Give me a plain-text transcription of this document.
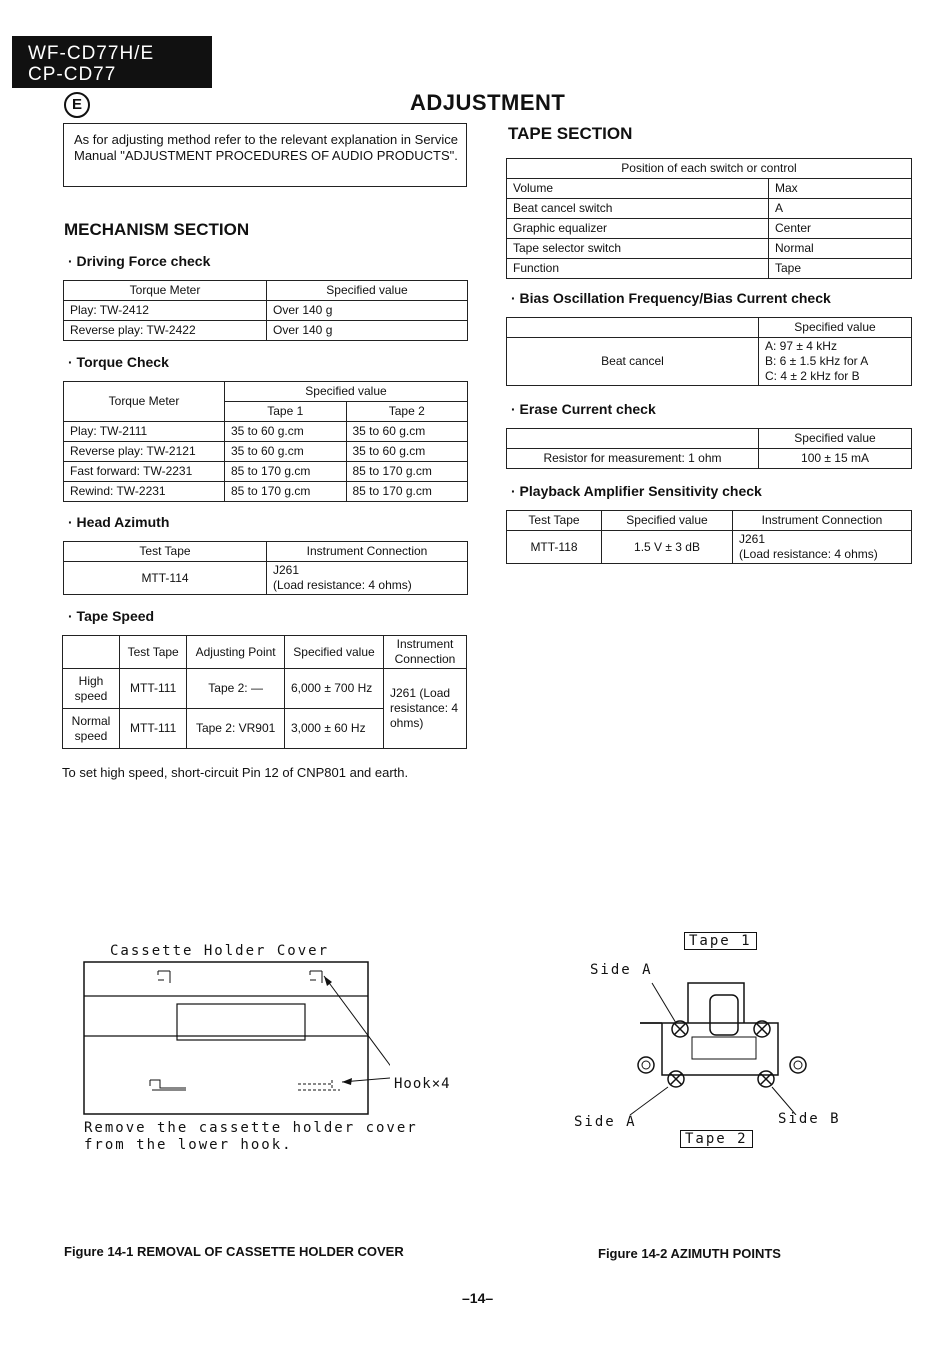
WF-CD77H/E
CP-CD77
E	ADJUSTMENT
As for adjusting method refer to the relevant explanation in Service Manual "ADJUSTMENT PROCEDURES OF AUDIO PRODUCTS".
MECHANISM SECTION
· Driving Force check
Torque Meter	Specified value
Play: TW-2412	Over 140 g
Reverse play: TW-2422	Over 140 g
· Torque Check
Torque Meter	Specified value	
	Tape 1	Tape 2
Play: TW-2111	35 to 60 g.cm	35 to 60 g.cm
Reverse play: TW-2121	35 to 60 g.cm	35 to 60 g.cm
Fast forward: TW-2231	85 to 170 g.cm	85 to 170 g.cm
Rewind: TW-2231	85 to 170 g.cm	85 to 170 g.cm
· Head Azimuth
Test Tape	Instrument Connection
MTT-114	J261
(Load resistance: 4 ohms)
· Tape Speed
	Test Tape	Adjusting Point	Specified value	Instrument Connection
High speed	MTT-111	Tape 2: —	6,000 ± 700 Hz	J261 (Load resistance: 4 ohms)
Normal speed	MTT-111	Tape 2: VR901	3,000 ± 60 Hz	
To set high speed, short-circuit Pin 12 of CNP801 and earth.
TAPE SECTION
Position of each switch or control	
Volume	Max
Beat cancel switch	A
Graphic equalizer	Center
Tape selector switch	Normal
Function	Tape
· Bias Oscillation Frequency/Bias Current check
	Specified value
Beat cancel	A: 97 ± 4 kHz
B: 6 ± 1.5 kHz for A
C: 4 ± 2 kHz for B
· Erase Current check
	Specified value
Resistor for measurement: 1 ohm	100 ± 15 mA
· Playback Amplifier Sensitivity check
Test Tape	Specified value	Instrument Connection
MTT-118	1.5 V ± 3 dB	J261
(Load resistance: 4 ohms)
Cassette Holder Cover
Hook×4
Remove the cassette holder cover
from the lower hook.
Figure 14-1 REMOVAL OF CASSETTE HOLDER COVER
Tape 1
Side A
Side A	Side B
Tape 2
Figure 14-2 AZIMUTH POINTS
–14–
